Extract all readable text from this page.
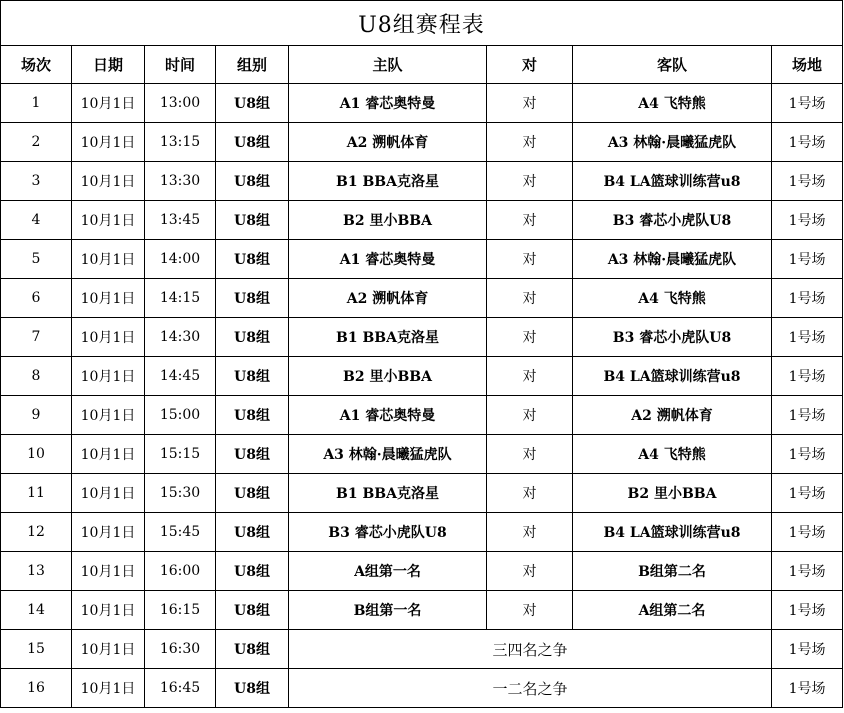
U8组赛程表							
场次	日期	时间	组别	主队	对	客队	场地
1	10月1日	13:00	U8组	A1 睿芯奥特曼	对	A4 飞特熊	1号场
2	10月1日	13:15	U8组	A2 溯帆体育	对	A3 林翰·晨曦猛虎队	1号场
3	10月1日	13:30	U8组	B1 BBA克洛星	对	B4 LA篮球训练营u8	1号场
4	10月1日	13:45	U8组	B2 里小BBA	对	B3 睿芯小虎队U8	1号场
5	10月1日	14:00	U8组	A1 睿芯奥特曼	对	A3 林翰·晨曦猛虎队	1号场
6	10月1日	14:15	U8组	A2 溯帆体育	对	A4 飞特熊	1号场
7	10月1日	14:30	U8组	B1 BBA克洛星	对	B3 睿芯小虎队U8	1号场
8	10月1日	14:45	U8组	B2 里小BBA	对	B4 LA篮球训练营u8	1号场
9	10月1日	15:00	U8组	A1 睿芯奥特曼	对	A2 溯帆体育	1号场
10	10月1日	15:15	U8组	A3 林翰·晨曦猛虎队	对	A4 飞特熊	1号场
11	10月1日	15:30	U8组	B1 BBA克洛星	对	B2 里小BBA	1号场
12	10月1日	15:45	U8组	B3 睿芯小虎队U8	对	B4 LA篮球训练营u8	1号场
13	10月1日	16:00	U8组	A组第一名	对	B组第二名	1号场
14	10月1日	16:15	U8组	B组第一名	对	A组第二名	1号场
15	10月1日	16:30	U8组	三四名之争			1号场
16	10月1日	16:45	U8组	一二名之争			1号场
